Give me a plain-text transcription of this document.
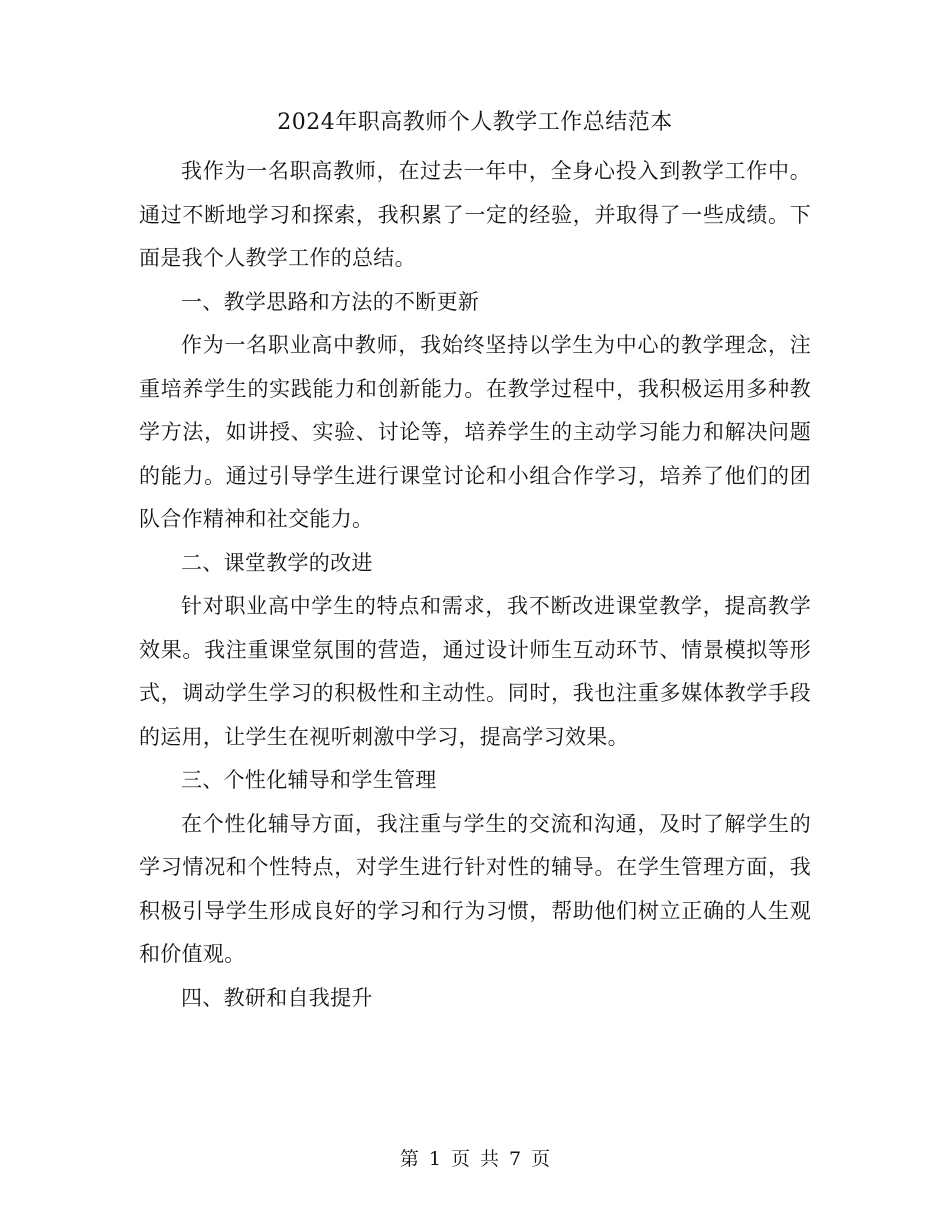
2024年职高教师个人教学工作总结范本

我作为一名职高教师，在过去一年中，全身心投入到教学工作中。通过不断地学习和探索，我积累了一定的经验，并取得了一些成绩。下面是我个人教学工作的总结。

一、教学思路和方法的不断更新

作为一名职业高中教师，我始终坚持以学生为中心的教学理念，注重培养学生的实践能力和创新能力。在教学过程中，我积极运用多种教学方法，如讲授、实验、讨论等，培养学生的主动学习能力和解决问题的能力。通过引导学生进行课堂讨论和小组合作学习，培养了他们的团队合作精神和社交能力。

二、课堂教学的改进

针对职业高中学生的特点和需求，我不断改进课堂教学，提高教学效果。我注重课堂氛围的营造，通过设计师生互动环节、情景模拟等形式，调动学生学习的积极性和主动性。同时，我也注重多媒体教学手段的运用，让学生在视听刺激中学习，提高学习效果。

三、个性化辅导和学生管理

在个性化辅导方面，我注重与学生的交流和沟通，及时了解学生的学习情况和个性特点，对学生进行针对性的辅导。在学生管理方面，我积极引导学生形成良好的学习和行为习惯，帮助他们树立正确的人生观和价值观。

四、教研和自我提升

第 1 页 共 7 页
